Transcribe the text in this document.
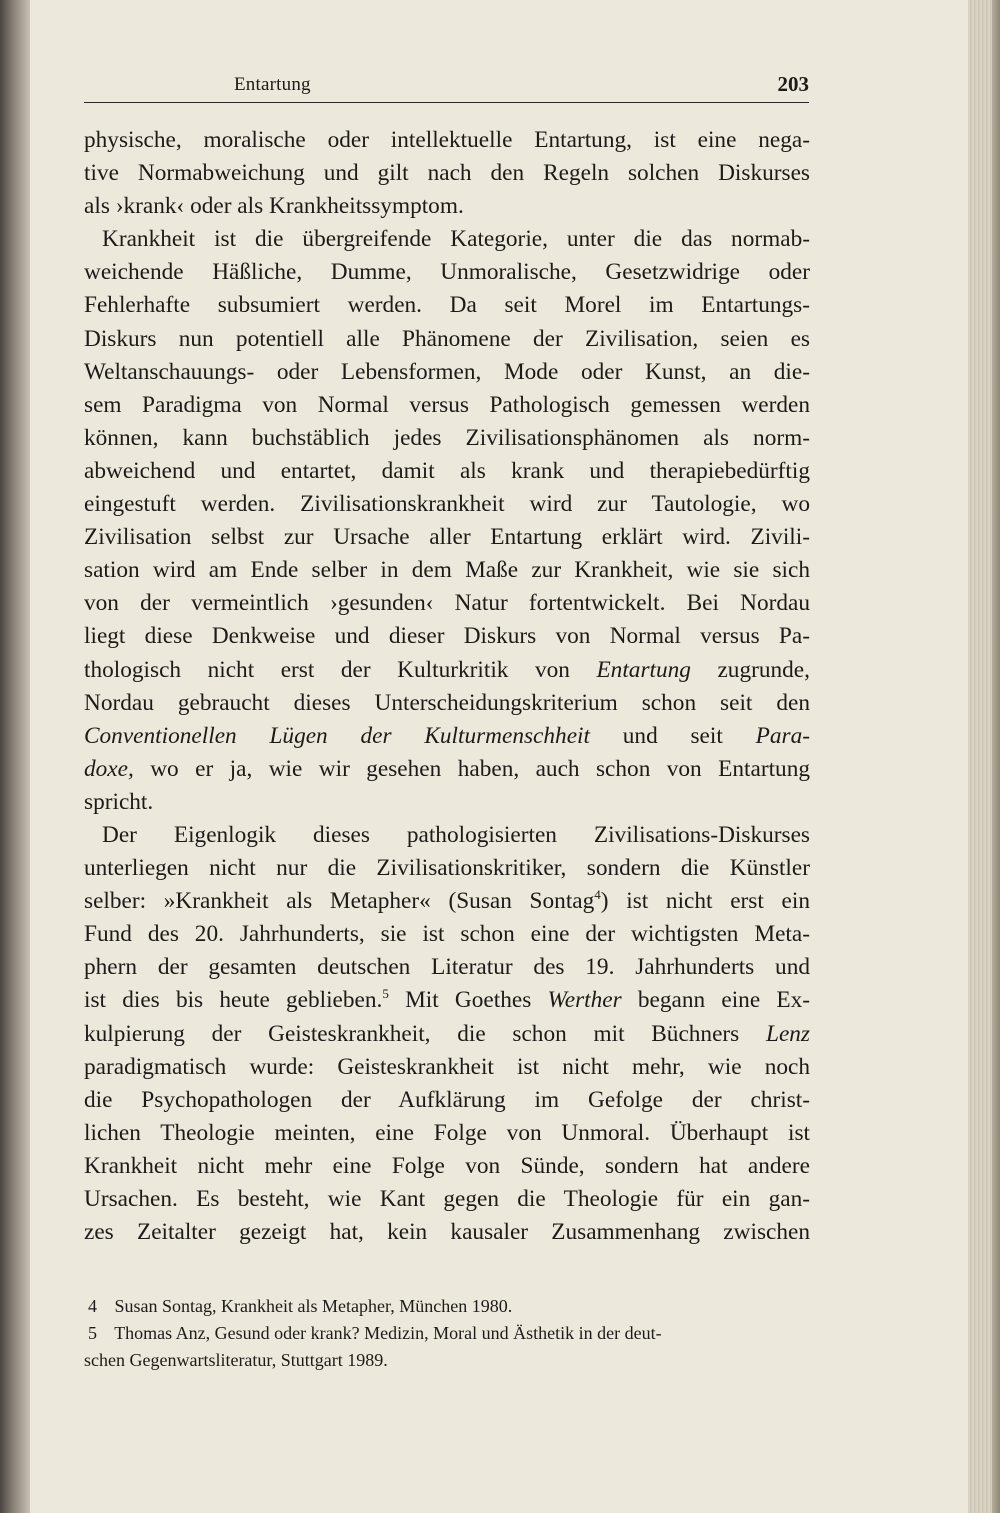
Entartung	203

physische, moralische oder intellektuelle Entartung, ist eine nega-
tive Normabweichung und gilt nach den Regeln solchen Diskurses
als ›krank‹ oder als Krankheitssymptom.

Krankheit ist die übergreifende Kategorie, unter die das normab-
weichende Häßliche, Dumme, Unmoralische, Gesetzwidrige oder
Fehlerhafte subsumiert werden. Da seit Morel im Entartungs-
Diskurs nun potentiell alle Phänomene der Zivilisation, seien es
Weltanschauungs- oder Lebensformen, Mode oder Kunst, an die-
sem Paradigma von Normal versus Pathologisch gemessen werden
können, kann buchstäblich jedes Zivilisationsphänomen als norm-
abweichend und entartet, damit als krank und therapiebedürftig
eingestuft werden. Zivilisationskrankheit wird zur Tautologie, wo
Zivilisation selbst zur Ursache aller Entartung erklärt wird. Zivili-
sation wird am Ende selber in dem Maße zur Krankheit, wie sie sich
von der vermeintlich ›gesunden‹ Natur fortentwickelt. Bei Nordau
liegt diese Denkweise und dieser Diskurs von Normal versus Pa-
thologisch nicht erst der Kulturkritik von Entartung zugrunde,
Nordau gebraucht dieses Unterscheidungskriterium schon seit den
Conventionellen Lügen der Kulturmenschheit und seit Para-
doxe, wo er ja, wie wir gesehen haben, auch schon von Entartung
spricht.

Der Eigenlogik dieses pathologisierten Zivilisations-Diskurses
unterliegen nicht nur die Zivilisationskritiker, sondern die Künstler
selber: »Krankheit als Metapher« (Susan Sontag$^4$) ist nicht erst ein
Fund des 20. Jahrhunderts, sie ist schon eine der wichtigsten Meta-
phern der gesamten deutschen Literatur des 19. Jahrhunderts und
ist dies bis heute geblieben.$^5$ Mit Goethes Werther begann eine Ex-
kulpierung der Geisteskrankheit, die schon mit Büchners Lenz
paradigmatisch wurde: Geisteskrankheit ist nicht mehr, wie noch
die Psychopathologen der Aufklärung im Gefolge der christ-
lichen Theologie meinten, eine Folge von Unmoral. Überhaupt ist
Krankheit nicht mehr eine Folge von Sünde, sondern hat andere
Ursachen. Es besteht, wie Kant gegen die Theologie für ein gan-
zes Zeitalter gezeigt hat, kein kausaler Zusammenhang zwischen

4 Susan Sontag, Krankheit als Metapher, München 1980.
5 Thomas Anz, Gesund oder krank? Medizin, Moral und Ästhetik in der deut-
schen Gegenwartsliteratur, Stuttgart 1989.
